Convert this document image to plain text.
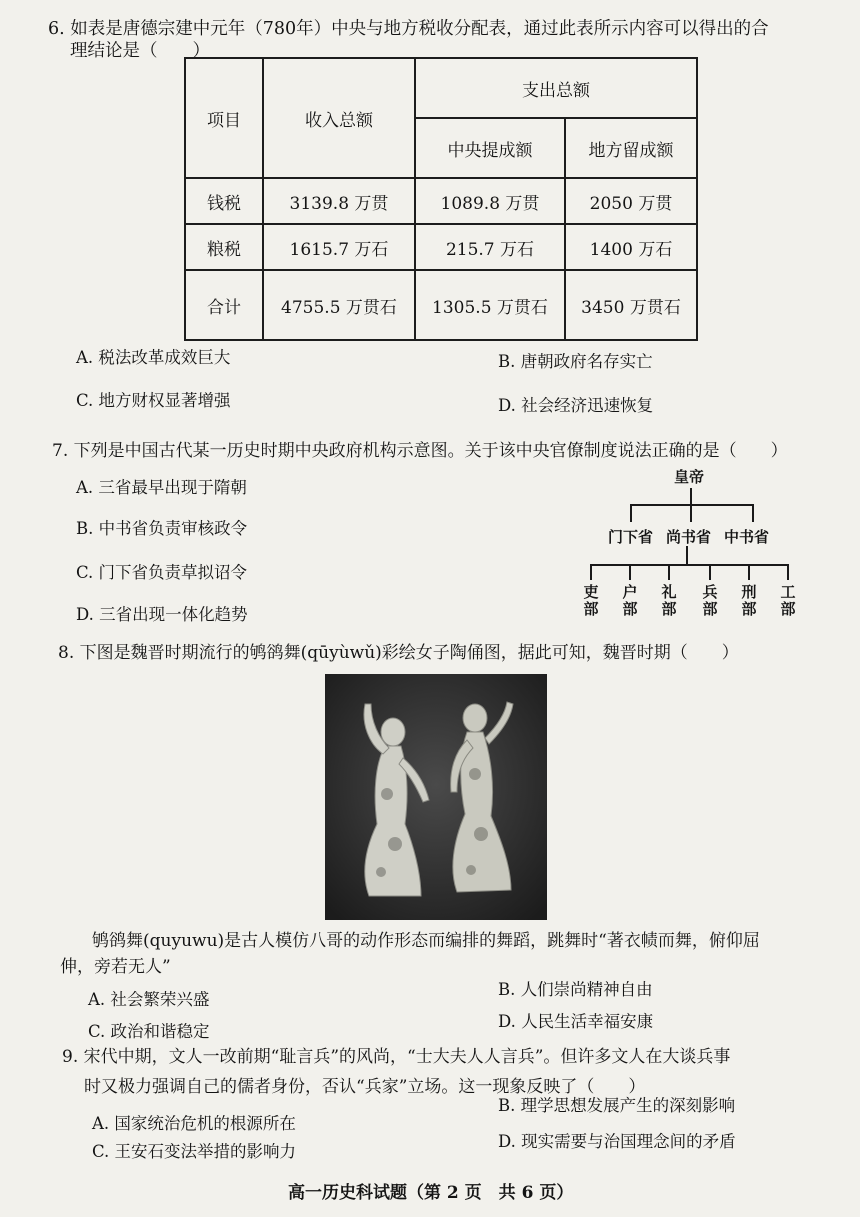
6. 如表是唐德宗建中元年（780年）中央与地方税收分配表，通过此表所示内容可以得出的合
理结论是（　　）
项目	收入总额	支出总额	
		中央提成额	地方留成额
钱税	3139.8 万贯	1089.8 万贯	2050 万贯
粮税	1615.7 万石	215.7 万石	1400 万石
合计	4755.5 万贯石	1305.5 万贯石	3450 万贯石
A. 税法改革成效巨大	B. 唐朝政府名存实亡
C. 地方财权显著增强	D. 社会经济迅速恢复
7. 下列是中国古代某一历史时期中央政府机构示意图。关于该中央官僚制度说法正确的是（　　）
A. 三省最早出现于隋朝
B. 中书省负责审核政令
C. 门下省负责草拟诏令
D. 三省出现一体化趋势
皇帝
门下省 尚书省 中书省
吏部
户部
礼部
兵部
刑部
工部
8. 下图是魏晋时期流行的鸲鹆舞(qūyùwǔ)彩绘女子陶俑图，据此可知，魏晋时期（　　）
鸲鹆舞(quyuwu)是古人模仿八哥的动作形态而编排的舞蹈，跳舞时“著衣帻而舞，俯仰屈
伸，旁若无人”
A. 社会繁荣兴盛
B. 人们崇尚精神自由
C. 政治和谐稳定
D. 人民生活幸福安康
9. 宋代中期，文人一改前期“耻言兵”的风尚，“士大夫人人言兵”。但许多文人在大谈兵事
时又极力强调自己的儒者身份，否认“兵家”立场。这一现象反映了（　　）
A. 国家统治危机的根源所在
B. 理学思想发展产生的深刻影响
C. 王安石变法举措的影响力
D. 现实需要与治国理念间的矛盾
高一历史科试题（第 2 页　共 6 页）
